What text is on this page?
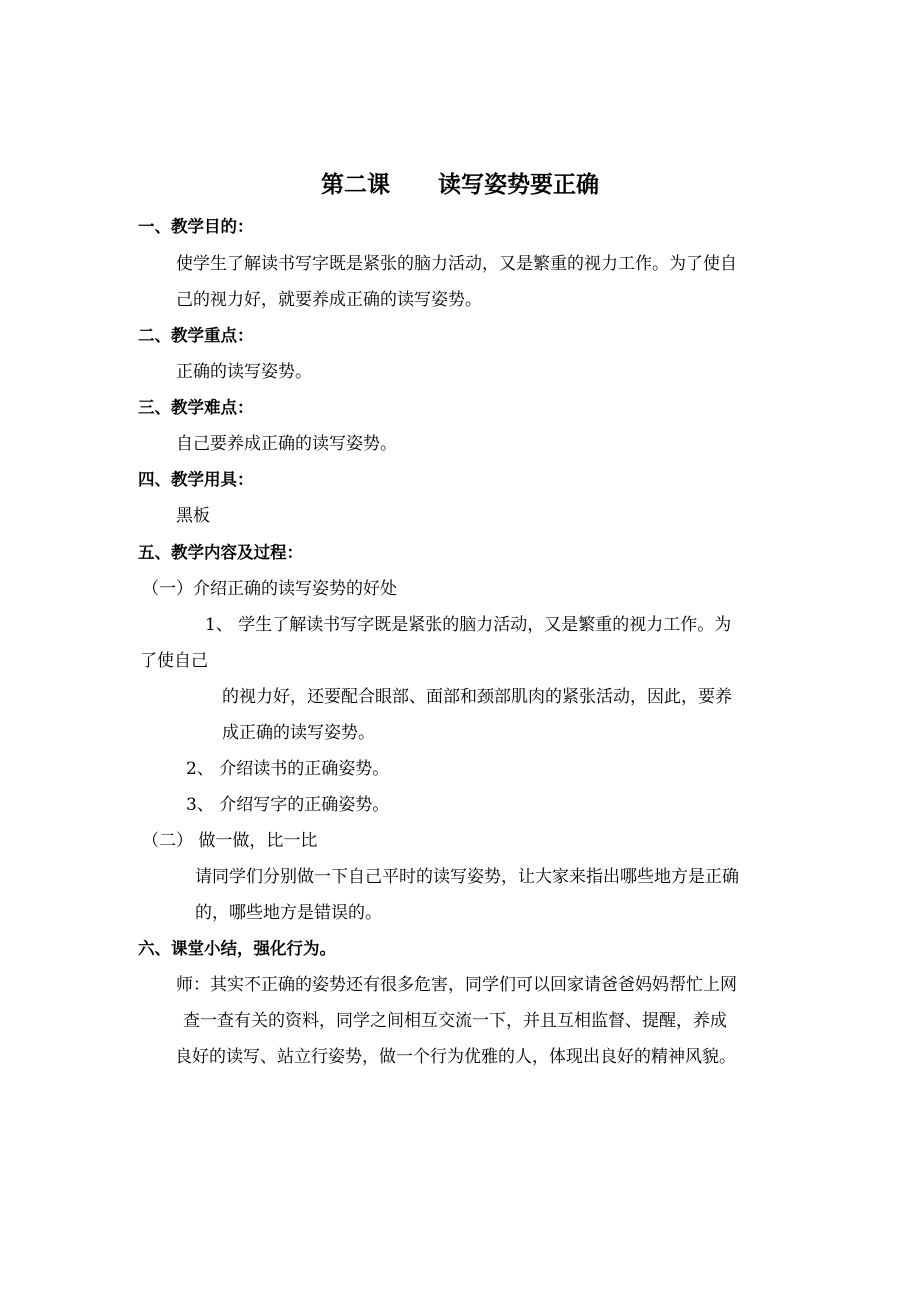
第二课      读写姿势要正确
一、教学目的：
使学生了解读书写字既是紧张的脑力活动，又是繁重的视力工作。为了使自
己的视力好，就要养成正确的读写姿势。
二、教学重点：
正确的读写姿势。
三、教学难点：
自己要养成正确的读写姿势。
四、教学用具：
黑板
五、教学内容及过程：
（一）介绍正确的读写姿势的好处
1、 学生了解读书写字既是紧张的脑力活动，又是繁重的视力工作。为
了使自己
的视力好，还要配合眼部、面部和颈部肌肉的紧张活动，因此，要养
成正确的读写姿势。
2、 介绍读书的正确姿势。
3、 介绍写字的正确姿势。
（二） 做一做，比一比
请同学们分别做一下自己平时的读写姿势，让大家来指出哪些地方是正确
的，哪些地方是错误的。
六、课堂小结，强化行为。
师：其实不正确的姿势还有很多危害，同学们可以回家请爸爸妈妈帮忙上网
查一查有关的资料，同学之间相互交流一下，并且互相监督、提醒，养成
良好的读写、站立行姿势，做一个行为优雅的人，体现出良好的精神风貌。
